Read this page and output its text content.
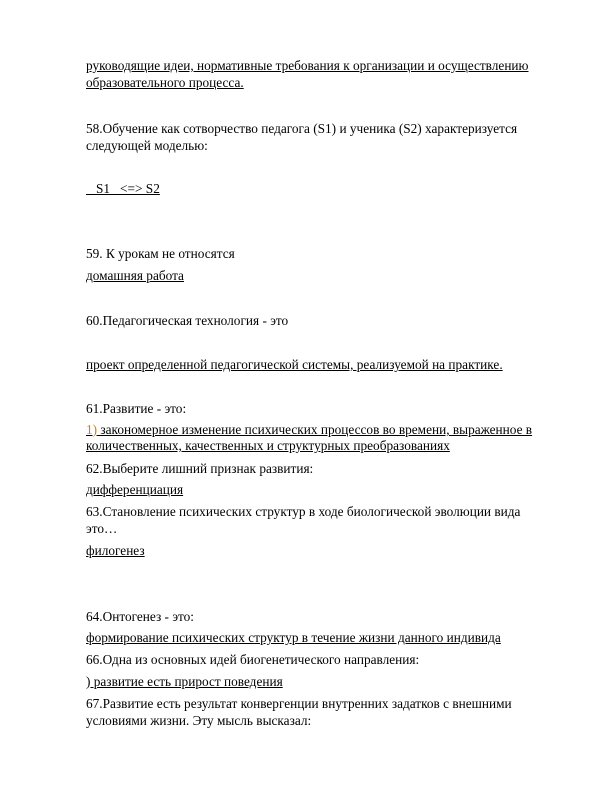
руководящие идеи, нормативные требования к организации и осуществлению
образовательного процесса.
58.Обучение как сотворчество педагога (S1) и ученика (S2) характеризуется
следующей моделью:
S1   <=> S2
59. К урокам не относятся
домашняя работа
60.Педагогическая технология - это
проект определенной педагогической системы, реализуемой на практике.
61.Развитие - это:
1) закономерное изменение психических процессов во времени, выраженное в
количественных, качественных и структурных преобразованиях
62.Выберите лишний признак развития:
дифференциация
63.Становление психических структур в ходе биологической эволюции вида
это…
филогенез
64.Онтогенез - это:
формирование психических структур в течение жизни данного индивида
66.Одна из основных идей биогенетического направления:
) развитие есть прирост поведения
67.Развитие есть результат конвергенции внутренних задатков с внешними
условиями жизни. Эту мысль высказал:
